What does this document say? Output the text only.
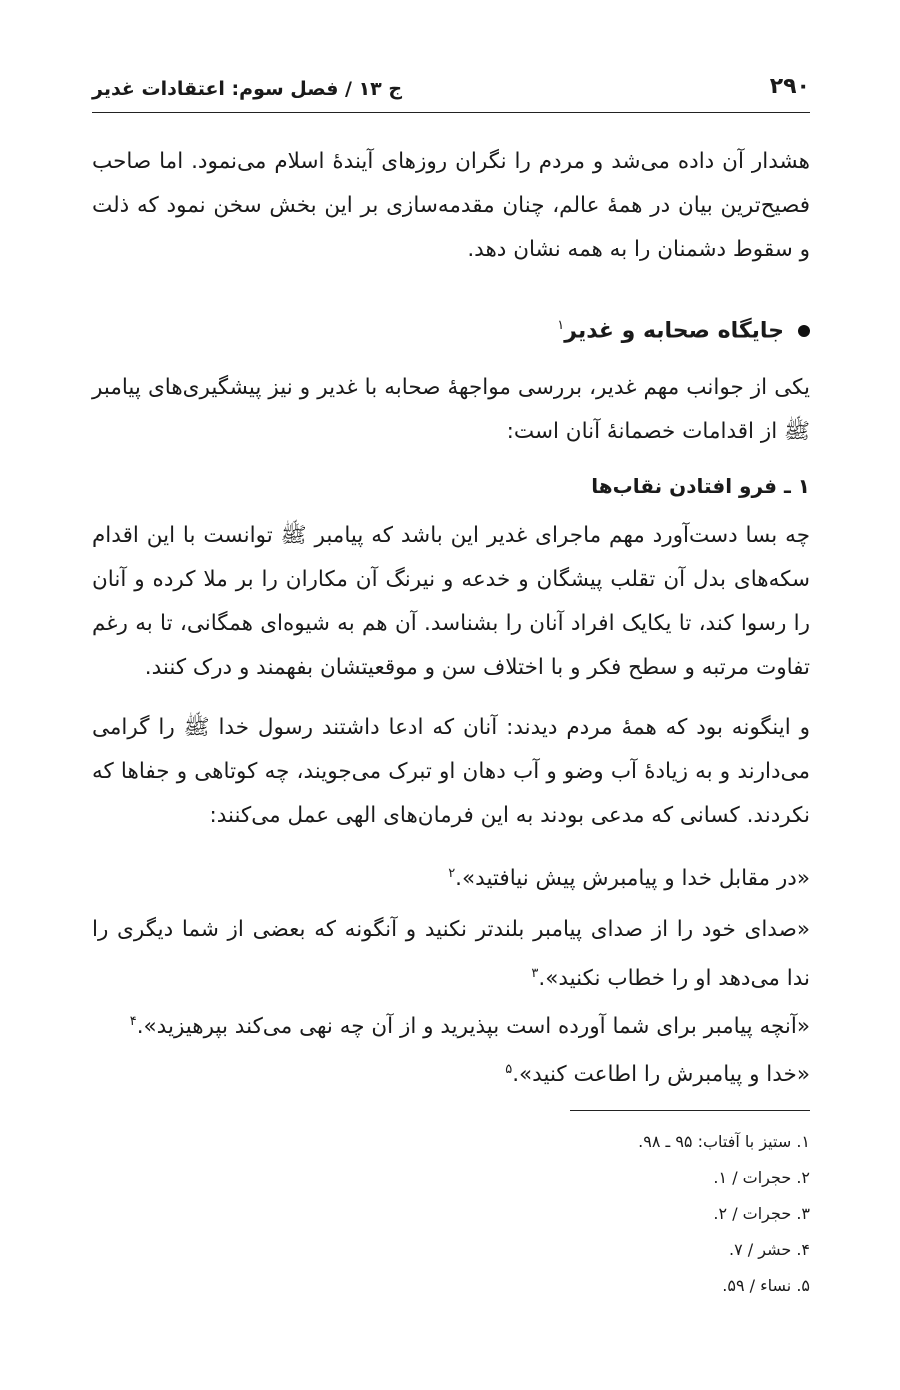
۲۹۰
ج ۱۳ / فصل سوم: اعتقادات غدیر

هشدار آن داده می‌شد و مردم را نگران روزهای آیندۀ اسلام می‌نمود. اما صاحب فصیح‌ترین بیان در همۀ عالم، چنان مقدمه‌سازی بر این بخش سخن نمود که ذلت و سقوط دشمنان را به همه نشان دهد.

جایگاه صحابه و غدیر$^۱$

یکی از جوانب مهم غدیر، بررسی مواجهۀ صحابه با غدیر و نیز پیشگیری‌های پیامبر ﷺ از اقدامات خصمانۀ آنان است:

۱ ـ فرو افتادن نقاب‌ها

چه بسا دست‌آورد مهم ماجرای غدیر این باشد که پیامبر ﷺ توانست با این اقدام سکه‌های بدل آن تقلب پیشگان و خدعه و نیرنگ آن مکاران را بر ملا کرده و آنان را رسوا کند، تا یکایک افراد آنان را بشناسد. آن هم به شیوه‌ای همگانی، تا به رغم تفاوت مرتبه و سطح فکر و با اختلاف سن و موقعیتشان بفهمند و درک کنند.

و اینگونه بود که همۀ مردم دیدند: آنان که ادعا داشتند رسول خدا ﷺ را گرامی می‌دارند و به زیادۀ آب وضو و آب دهان او تبرک می‌جویند، چه کوتاهی و جفاها که نکردند. کسانی که مدعی بودند به این فرمان‌های الهی عمل می‌کنند:

«در مقابل خدا و پیامبرش پیش نیافتید».$^۲$

«صدای خود را از صدای پیامبر بلندتر نکنید و آنگونه که بعضی از شما دیگری را ندا می‌دهد او را خطاب نکنید».$^۳$

«آنچه پیامبر برای شما آورده است بپذیرید و از آن چه نهی می‌کند بپرهیزید».$^۴$

«خدا و پیامبرش را اطاعت کنید».$^۵$

۱. ستیز با آفتاب: ۹۵ ـ ۹۸.
۲. حجرات / ۱.
۳. حجرات / ۲.
۴. حشر / ۷.
۵. نساء / ۵۹.
